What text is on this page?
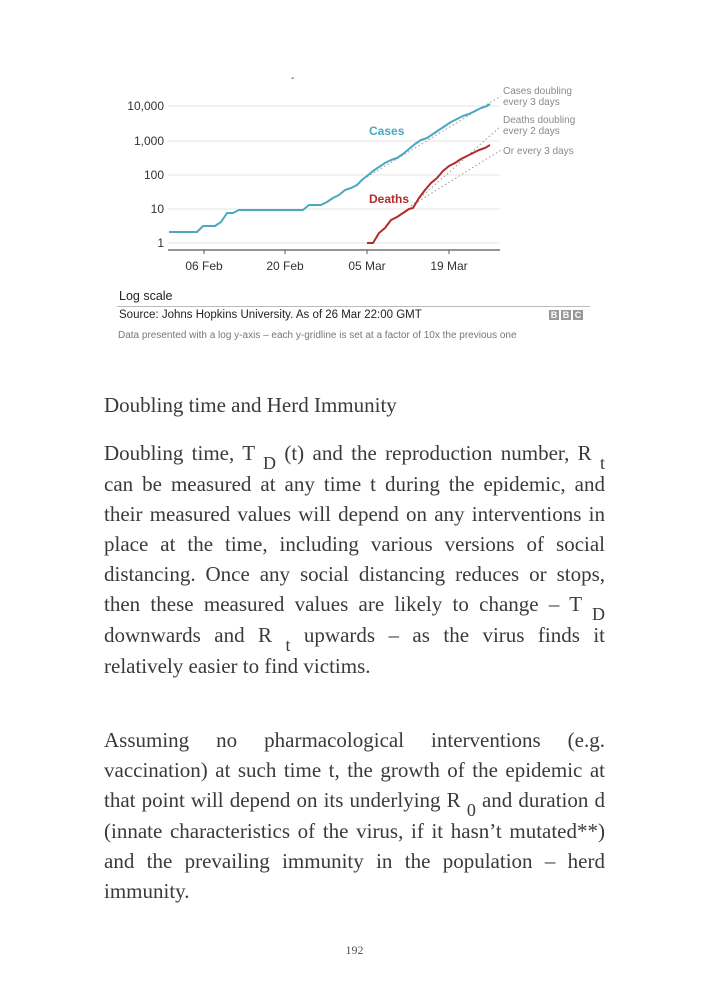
-
10,000
1,000
100
10
1
06 Feb	20 Feb	05 Mar	19 Mar
Cases
Deaths
Cases doubling
every 3 days
Deaths doubling
every 2 days
Or every 3 days
Log scale
Source: Johns Hopkins University. As of 26 Mar 22:00 GMT	B B C
Data presented with a log y-axis – each y-gridline is set at a factor of 10x the previous one
Doubling time and Herd Immunity
Doubling time, T D (t) and the reproduction number, R t can be measured at any time t during the epidemic, and their measured values will depend on any interventions in place at the time, including various versions of social distancing. Once any social distancing reduces or stops, then these measured values are likely to change – T D downwards and R t upwards – as the virus finds it relatively easier to find victims.
Assuming no pharmacological interventions (e.g. vaccination) at such time t, the growth of the epidemic at that point will depend on its underlying R 0 and duration d (innate characteristics of the virus, if it hasn’t mutated**) and the prevailing immunity in the population – herd immunity.
192
